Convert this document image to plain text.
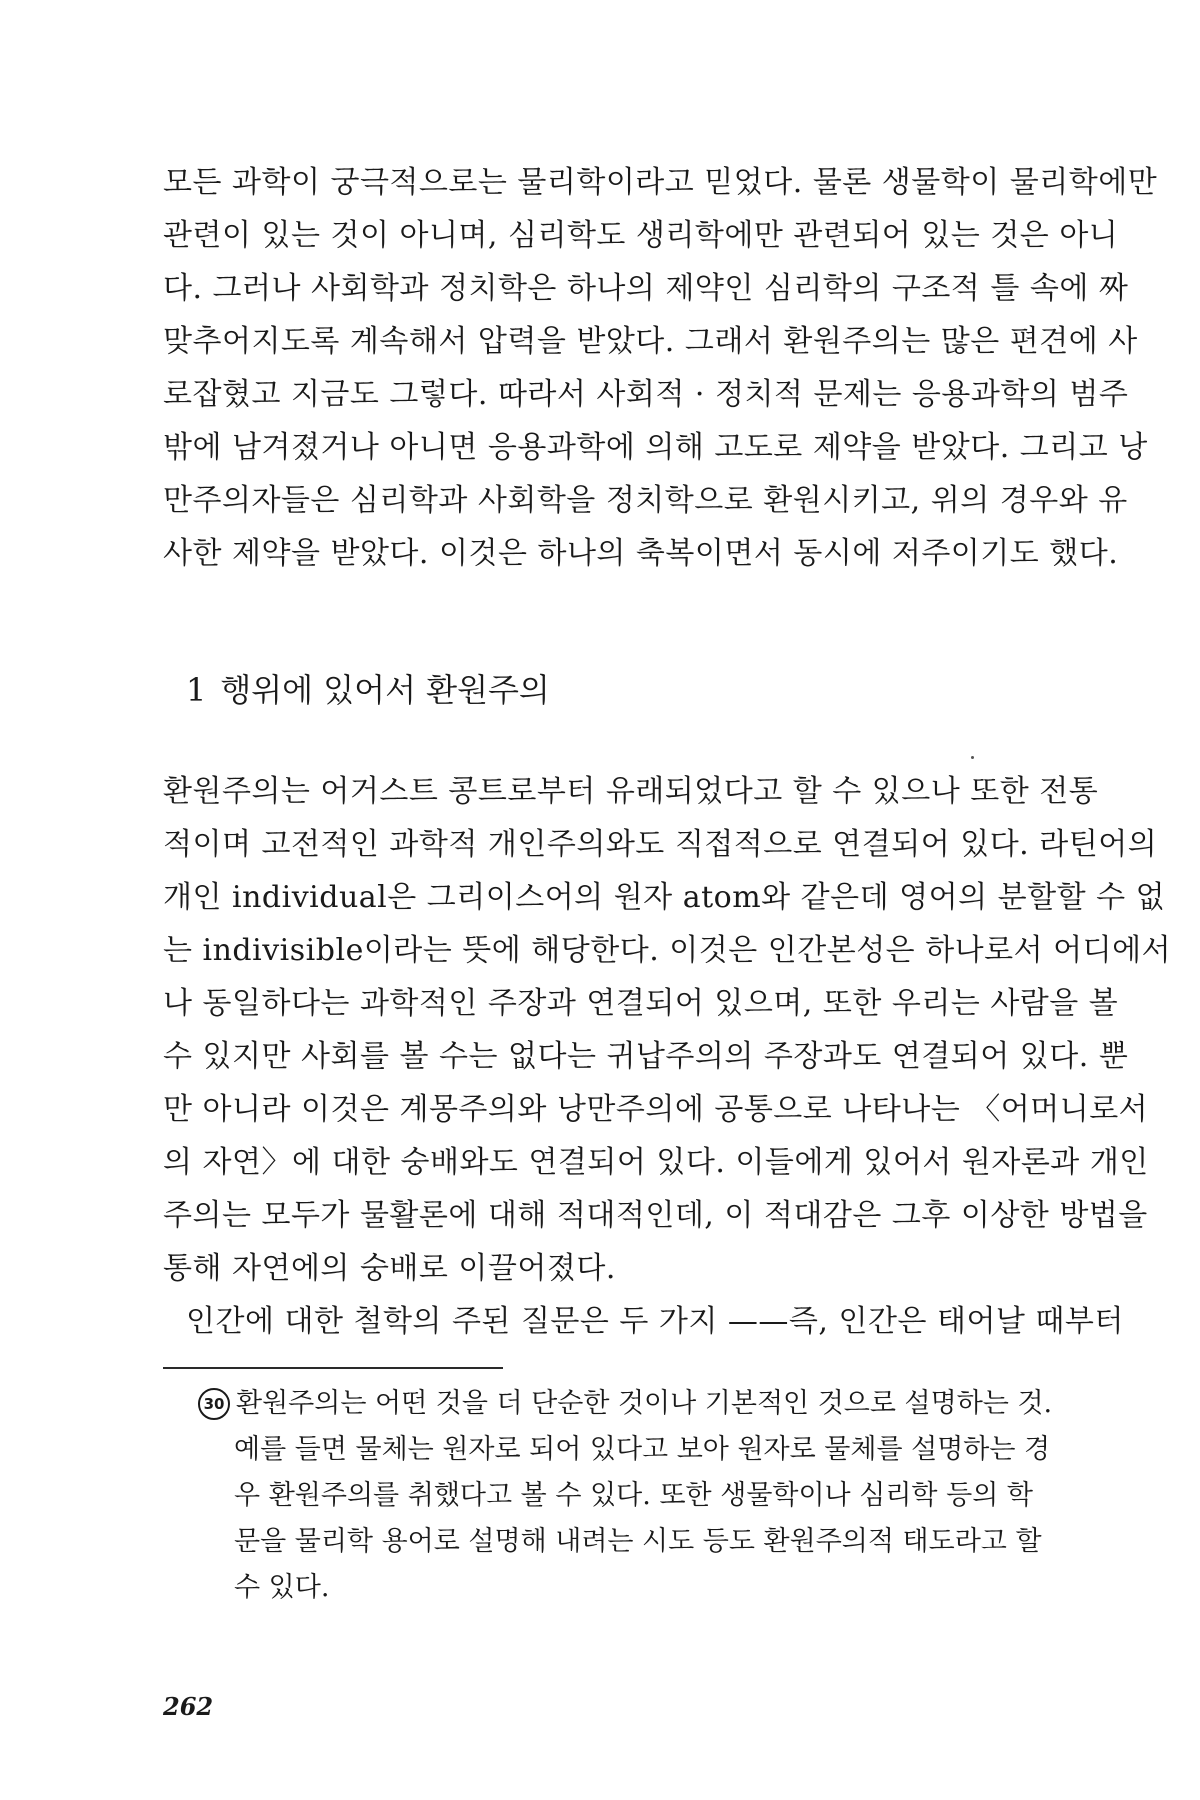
모든 과학이 궁극적으로는 물리학이라고 믿었다. 물론 생물학이 물리학에만
관련이 있는 것이 아니며, 심리학도 생리학에만 관련되어 있는 것은 아니
다. 그러나 사회학과 정치학은 하나의 제약인 심리학의 구조적 틀 속에 짜
맞추어지도록 계속해서 압력을 받았다. 그래서 환원주의는 많은 편견에 사
로잡혔고 지금도 그렇다. 따라서 사회적 · 정치적 문제는 응용과학의 범주
밖에 남겨졌거나 아니면 응용과학에 의해 고도로 제약을 받았다. 그리고 낭
만주의자들은 심리학과 사회학을 정치학으로 환원시키고, 위의 경우와 유
사한 제약을 받았다. 이것은 하나의 축복이면서 동시에 저주이기도 했다.
1 행위에 있어서 환원주의
환원주의는 어거스트 콩트로부터 유래되었다고 할 수 있으나 또한 전통
적이며 고전적인 과학적 개인주의와도 직접적으로 연결되어 있다. 라틴어의
개인 individual은 그리이스어의 원자 atom와 같은데 영어의 분할할 수 없
는 indivisible이라는 뜻에 해당한다. 이것은 인간본성은 하나로서 어디에서
나 동일하다는 과학적인 주장과 연결되어 있으며, 또한 우리는 사람을 볼
수 있지만 사회를 볼 수는 없다는 귀납주의의 주장과도 연결되어 있다. 뿐
만 아니라 이것은 계몽주의와 낭만주의에 공통으로 나타나는 〈어머니로서
의 자연〉에 대한 숭배와도 연결되어 있다. 이들에게 있어서 원자론과 개인
주의는 모두가 물활론에 대해 적대적인데, 이 적대감은 그후 이상한 방법을
통해 자연에의 숭배로 이끌어졌다.
인간에 대한 철학의 주된 질문은 두 가지 ——즉, 인간은 태어날 때부터
30 환원주의는 어떤 것을 더 단순한 것이나 기본적인 것으로 설명하는 것.
예를 들면 물체는 원자로 되어 있다고 보아 원자로 물체를 설명하는 경
우 환원주의를 취했다고 볼 수 있다. 또한 생물학이나 심리학 등의 학
문을 물리학 용어로 설명해 내려는 시도 등도 환원주의적 태도라고 할
수 있다.
262
